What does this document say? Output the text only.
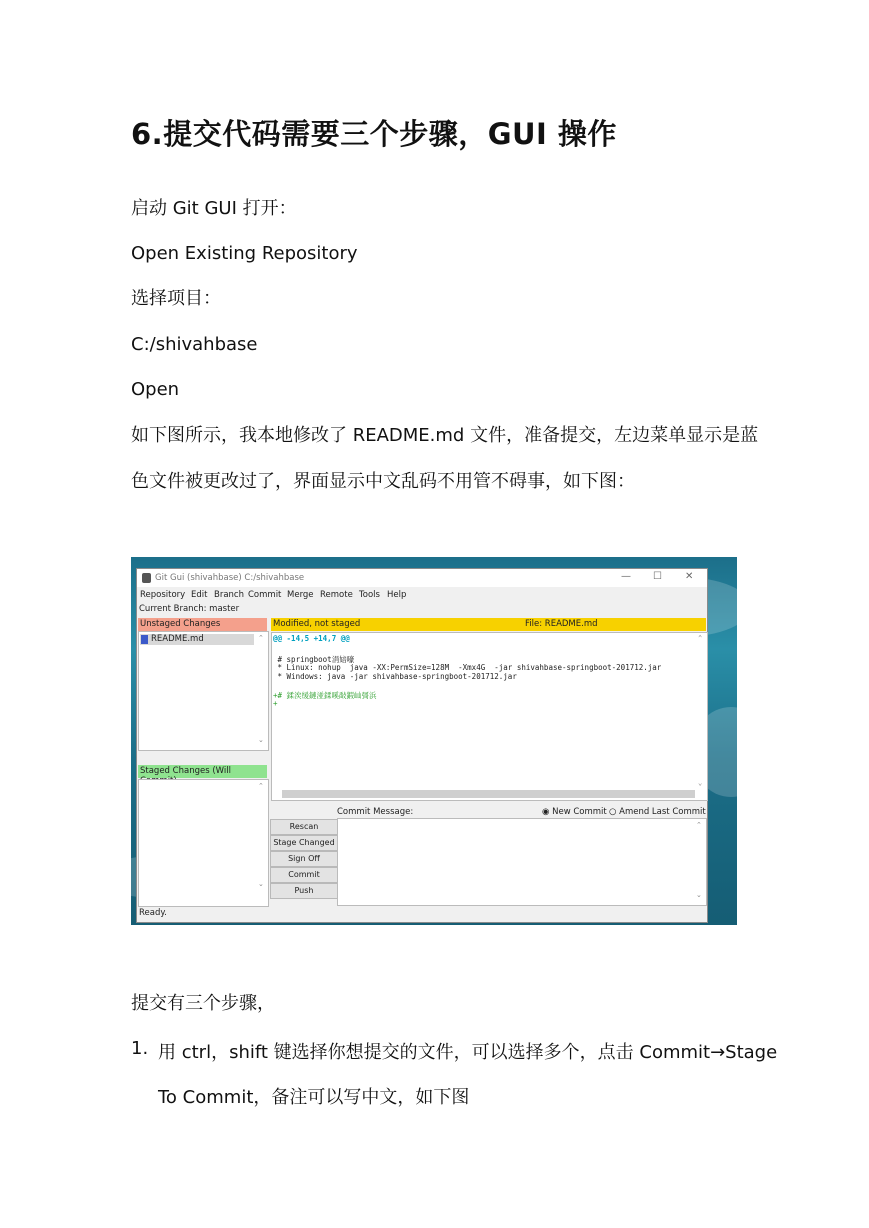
6.提交代码需要三个步骤，GUI 操作
启动 Git GUI 打开：
Open Existing Repository
选择项目：
C:/shivahbase
Open
如下图所示，我本地修改了 README.md 文件，准备提交，左边菜单显示是蓝
色文件被更改过了，界面显示中文乱码不用管不碍事，如下图：
Git Gui (shivahbase) C:/shivahbase	— ☐ ✕
Repository Edit Branch Commit Merge Remote Tools Help
Current Branch: master
Unstaged Changes
README.md	⌃
⌄
Staged Changes (Will
⌃
⌄
Modified, not staged	File: README.md
@@ -14,5 +14,7 @@
# springboot涓婄嚎
* Linux: nohup  java -XX:PermSize=128M  -Xmx4G  -jar shivahbase-springboot-201712.jar
* Windows: java -jar shivahbase-springboot-201712.jar
+# 鍒涘缓鏈湴鍒嗘敮鍜屾彁浜
+
⌃
⌄
Commit Message:	◉ New Commit ○ Amend Last Commit
Rescan
Stage Changed
Sign Off
Commit
Push
⌃
⌄
Ready.
提交有三个步骤，
1. 用 ctrl，shift 键选择你想提交的文件，可以选择多个，点击 Commit→Stage
To Commit，备注可以写中文，如下图
